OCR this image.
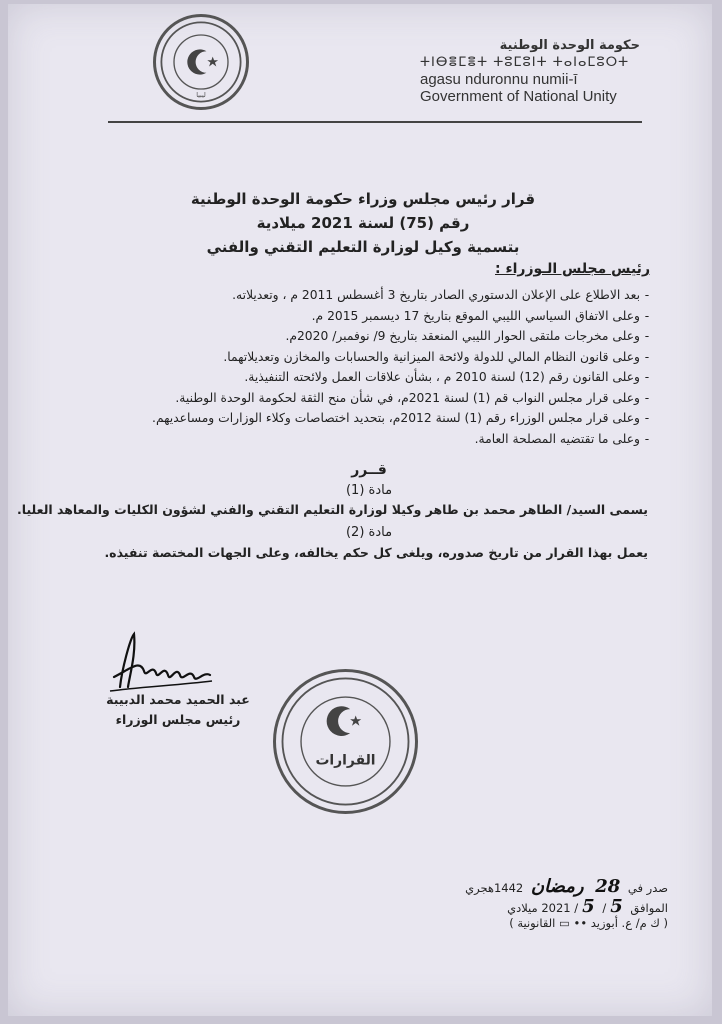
ليبيا
حكومة الوحدة الوطنية
ⵜⵏⴱⴻⵎⴻⵜ ⵜⵓⵎⵓⵏⵜ ⵜⴰⵏⴰⵎⵓⵔⵜ
agasu nduronnu numii-ī
Government of National Unity
قرار رئيس مجلس وزراء حكومة الوحدة الوطنية
رقم (75) لسنة 2021 ميلادية
بتسمية وكيل لوزارة التعليم التقني والفني
رئيس مجلس الـوزراء :
-بعد الاطلاع على الإعلان الدستوري الصادر بتاريخ 3 أغسطس 2011 م ، وتعديلاته.
-وعلى الاتفاق السياسي الليبي الموقع بتاريخ 17 ديسمبر 2015 م.
-وعلى مخرجات ملتقى الحوار الليبي المنعقد بتاريخ 9/ نوفمبر/ 2020م.
-وعلى قانون النظام المالي للدولة ولائحة الميزانية والحسابات والمخازن وتعديلاتهما.
-وعلى القانون رقم (12) لسنة 2010 م ، بشأن علاقات العمل ولائحته التنفيذية.
-وعلى قرار مجلس النواب قم (1) لسنة 2021م، في شأن منح الثقة لحكومة الوحدة الوطنية.
-وعلى قرار مجلس الوزراء رقم (1) لسنة 2012م، بتحديد اختصاصات وكلاء الوزارات ومساعديهم.
-وعلى ما تقتضيه المصلحة العامة.
قــرر
مادة (1)
يسمى السيد/ الطاهر محمد بن طاهر وكيلا لوزارة التعليم التقني والفني لشؤون الكليات والمعاهد العليا.
مادة (2)
يعمل بهذا القرار من تاريخ صدوره، ويلغى كل حكم يخالفه، وعلى الجهات المختصة تنفيذه.
عبد الحميد محمد الدبيبة
رئيس مجلس الوزراء
القرارات
صدر في 28 رمضان 1442هجري
الموافق 5/ 5/ 2021 ميلادي
( ك م/ ع. أبوزيد •• ▭ القانونية )
